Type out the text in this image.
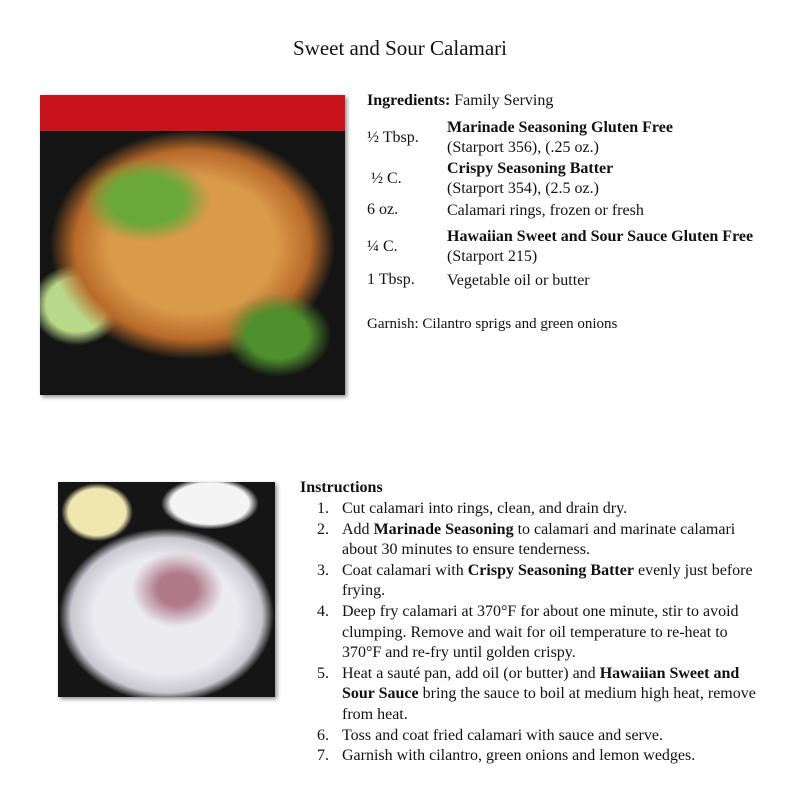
Sweet and Sour Calamari
Ingredients: Family Serving
½ Tbsp.
Marinade Seasoning Gluten Free
(Starport 356), (.25 oz.)
½ C.
Crispy Seasoning Batter
(Starport 354), (2.5 oz.)
6 oz.	Calamari rings, frozen or fresh
¼ C.
Hawaiian Sweet and Sour Sauce Gluten Free (Starport 215)
1 Tbsp. Vegetable oil or butter
Garnish: Cilantro sprigs and green onions
Instructions
1. Cut calamari into rings, clean, and drain dry.
2. Add Marinade Seasoning to calamari and marinate calamari about 30 minutes to ensure tenderness.
3. Coat calamari with Crispy Seasoning Batter evenly just before frying.
4. Deep fry calamari at 370°F for about one minute, stir to avoid clumping. Remove and wait for oil temperature to re-heat to 370°F and re-fry until golden crispy.
5. Heat a sauté pan, add oil (or butter) and Hawaiian Sweet and Sour Sauce bring the sauce to boil at medium high heat, remove from heat.
6. Toss and coat fried calamari with sauce and serve.
7. Garnish with cilantro, green onions and lemon wedges.
